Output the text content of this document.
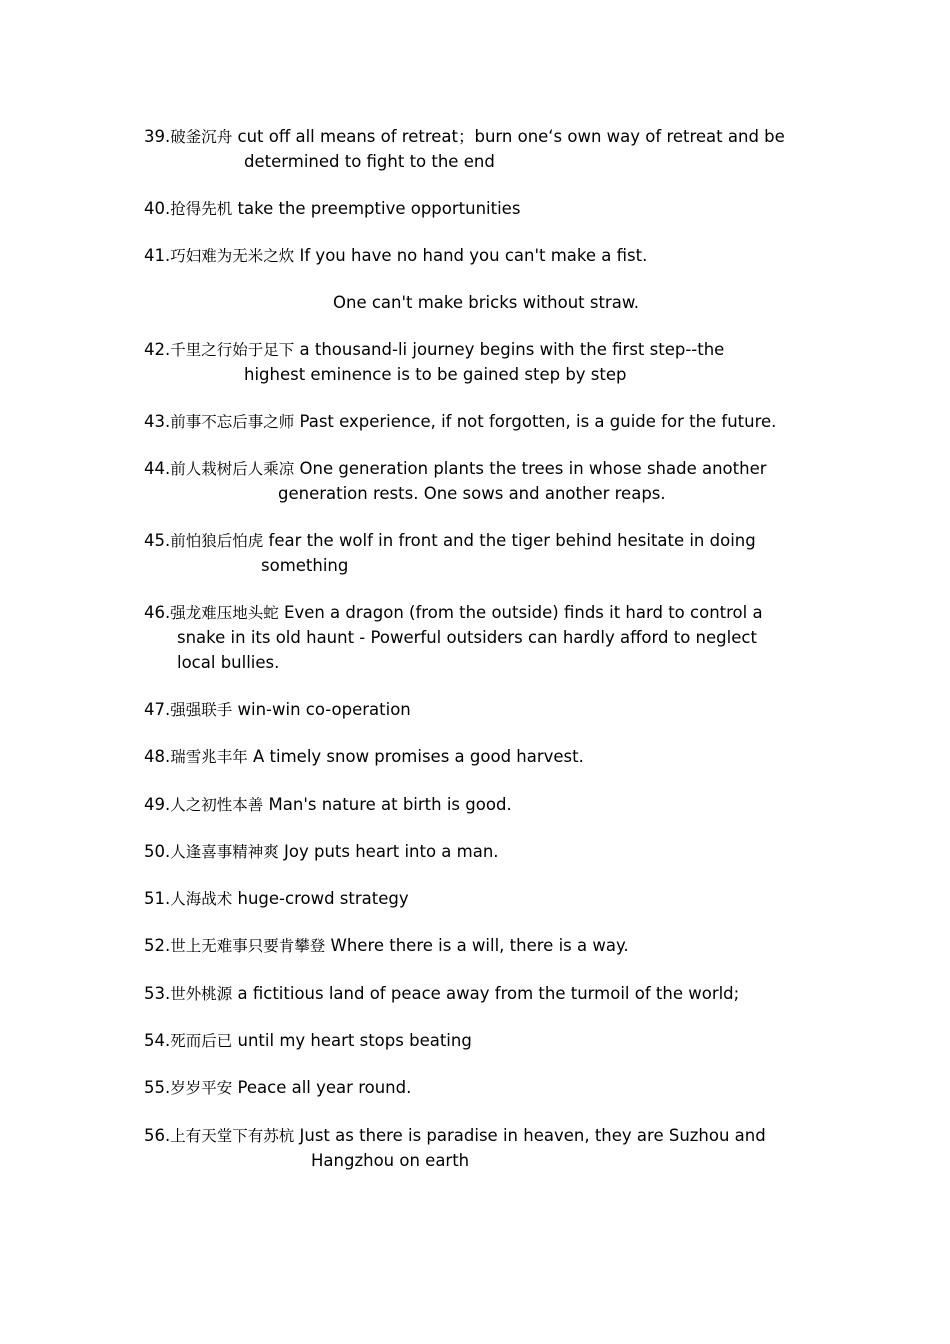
39.破釜沉舟 cut off all means of retreat；burn one‘s own way of retreat and be
determined to fight to the end
40.抢得先机 take the preemptive opportunities
41.巧妇难为无米之炊 If you have no hand you can't make a fist.
One can't make bricks without straw.
42.千里之行始于足下 a thousand-li journey begins with the first step--the
highest eminence is to be gained step by step
43.前事不忘后事之师 Past experience, if not forgotten, is a guide for the future.
44.前人栽树后人乘凉 One generation plants the trees in whose shade another
generation rests. One sows and another reaps.
45.前怕狼后怕虎 fear the wolf in front and the tiger behind hesitate in doing
something
46.强龙难压地头蛇 Even a dragon (from the outside) finds it hard to control a
snake in its old haunt - Powerful outsiders can hardly afford to neglect
local bullies.
47.强强联手 win-win co-operation
48.瑞雪兆丰年 A timely snow promises a good harvest.
49.人之初性本善 Man's nature at birth is good.
50.人逢喜事精神爽 Joy puts heart into a man.
51.人海战术 huge-crowd strategy
52.世上无难事只要肯攀登 Where there is a will, there is a way.
53.世外桃源 a fictitious land of peace away from the turmoil of the world;
54.死而后已 until my heart stops beating
55.岁岁平安 Peace all year round.
56.上有天堂下有苏杭 Just as there is paradise in heaven, they are Suzhou and
Hangzhou on earth
